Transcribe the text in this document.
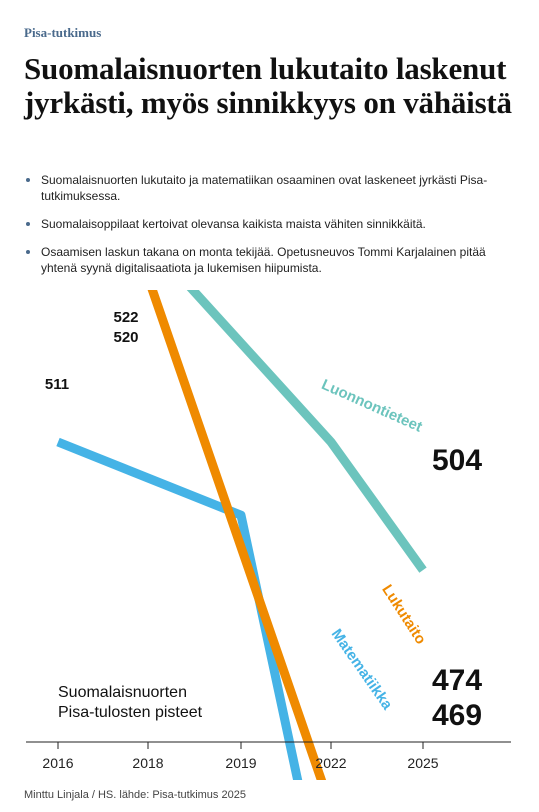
Pisa-tutkimus
Suomalaisnuorten lukutaito laskenut jyrkästi, myös sinnikkyys on vähäistä
Suomalaisnuorten lukutaito ja matematiikan osaaminen ovat laskeneet jyrkästi Pisa-tutkimuksessa.
Suomalaisoppilaat kertoivat olevansa kaikista maista vähiten sinnikkäitä.
Osaamisen laskun takana on monta tekijää. Opetusneuvos Tommi Karjalainen pitää yhtenä syynä digitalisaatiota ja lukemisen hiipumista.
Luonnontieteet
Lukutaito
Matematiikka
522
520
511
504
474
469
Suomalaisnuorten
Pisa-tulosten pisteet
2016	2018	2019	2022	2025
Minttu Linjala / HS. lähde: Pisa-tutkimus 2025
